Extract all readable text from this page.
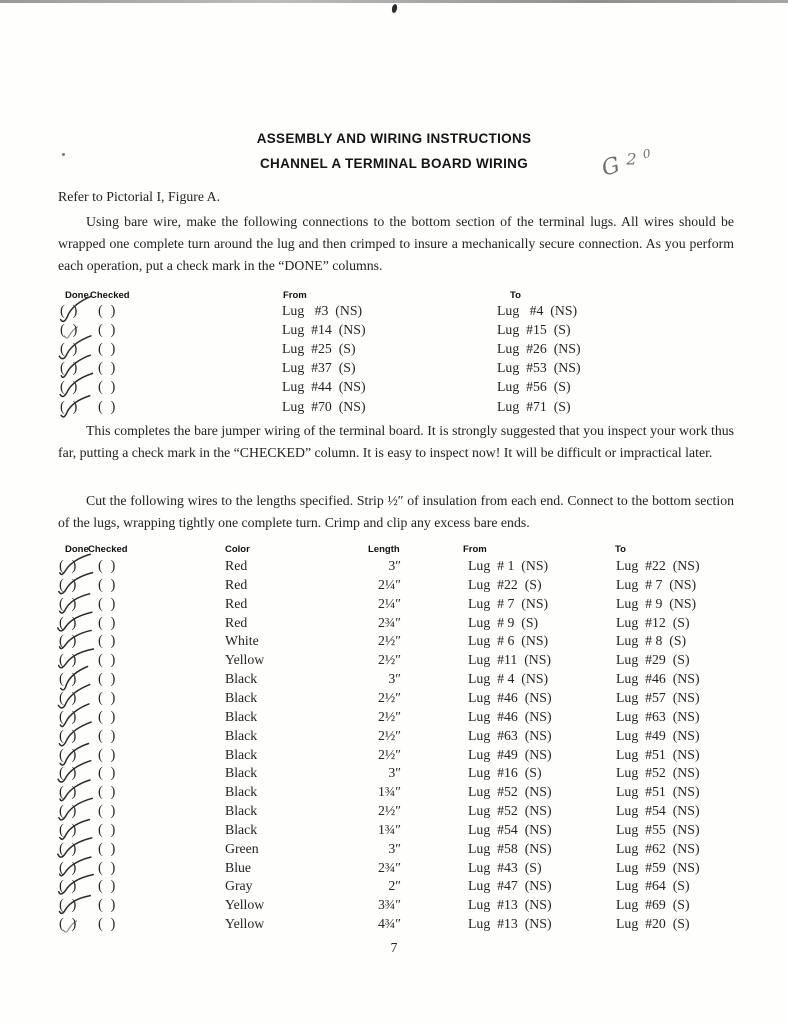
ASSEMBLY AND WIRING INSTRUCTIONS
CHANNEL A TERMINAL BOARD WIRING	G 2 0
Refer to Pictorial I, Figure A.
Using bare wire, make the following connections to the bottom section of the terminal lugs. All wires should be wrapped one complete turn around the lug and then crimped to insure a mechanically secure connection. As you perform each operation, put a check mark in the “DONE” columns.
Done Checked	From	To
( ) ( )	Lug   #3  (NS)	Lug   #4  (NS)
( ) ( )	Lug  #14  (NS)	Lug  #15  (S)
( ) ( )	Lug  #25  (S)	Lug  #26  (NS)
( ) ( )	Lug  #37  (S)	Lug  #53  (NS)
( ) ( )	Lug  #44  (NS)	Lug  #56  (S)
( ) ( )	Lug  #70  (NS)	Lug  #71  (S)
This completes the bare jumper wiring of the terminal board. It is strongly suggested that you inspect your work thus far, putting a check mark in the “CHECKED” column. It is easy to inspect now! It will be difficult or impractical later.
Cut the following wires to the lengths specified. Strip ½″ of insulation from each end. Connect to the bottom section of the lugs, wrapping tightly one complete turn. Crimp and clip any excess bare ends.
Done Checked	Color	Length	From	To
( ) ( )	Red	3″	Lug  # 1  (NS)	Lug  #22  (NS)
( ) ( )	Red	2¼″	Lug  #22  (S)	Lug  # 7  (NS)
( ) ( )	Red	2¼″	Lug  # 7  (NS)	Lug  # 9  (NS)
( ) ( )	Red	2¾″	Lug  # 9  (S)	Lug  #12  (S)
( ) ( )	White	2½″	Lug  # 6  (NS)	Lug  # 8  (S)
( ) ( )	Yellow	2½″	Lug  #11  (NS)	Lug  #29  (S)
( ) ( )	Black	3″	Lug  # 4  (NS)	Lug  #46  (NS)
( ) ( )	Black	2½″	Lug  #46  (NS)	Lug  #57  (NS)
( ) ( )	Black	2½″	Lug  #46  (NS)	Lug  #63  (NS)
( ) ( )	Black	2½″	Lug  #63  (NS)	Lug  #49  (NS)
( ) ( )	Black	2½″	Lug  #49  (NS)	Lug  #51  (NS)
( ) ( )	Black	3″	Lug  #16  (S)	Lug  #52  (NS)
( ) ( )	Black	1¾″	Lug  #52  (NS)	Lug  #51  (NS)
( ) ( )	Black	2½″	Lug  #52  (NS)	Lug  #54  (NS)
( ) ( )	Black	1¾″	Lug  #54  (NS)	Lug  #55  (NS)
( ) ( )	Green	3″	Lug  #58  (NS)	Lug  #62  (NS)
( ) ( )	Blue	2¾″	Lug  #43  (S)	Lug  #59  (NS)
( ) ( )	Gray	2″	Lug  #47  (NS)	Lug  #64  (S)
( ) ( )	Yellow	3¾″	Lug  #13  (NS)	Lug  #69  (S)
( ) ( )	Yellow	4¾″	Lug  #13  (NS)	Lug  #20  (S)
7
